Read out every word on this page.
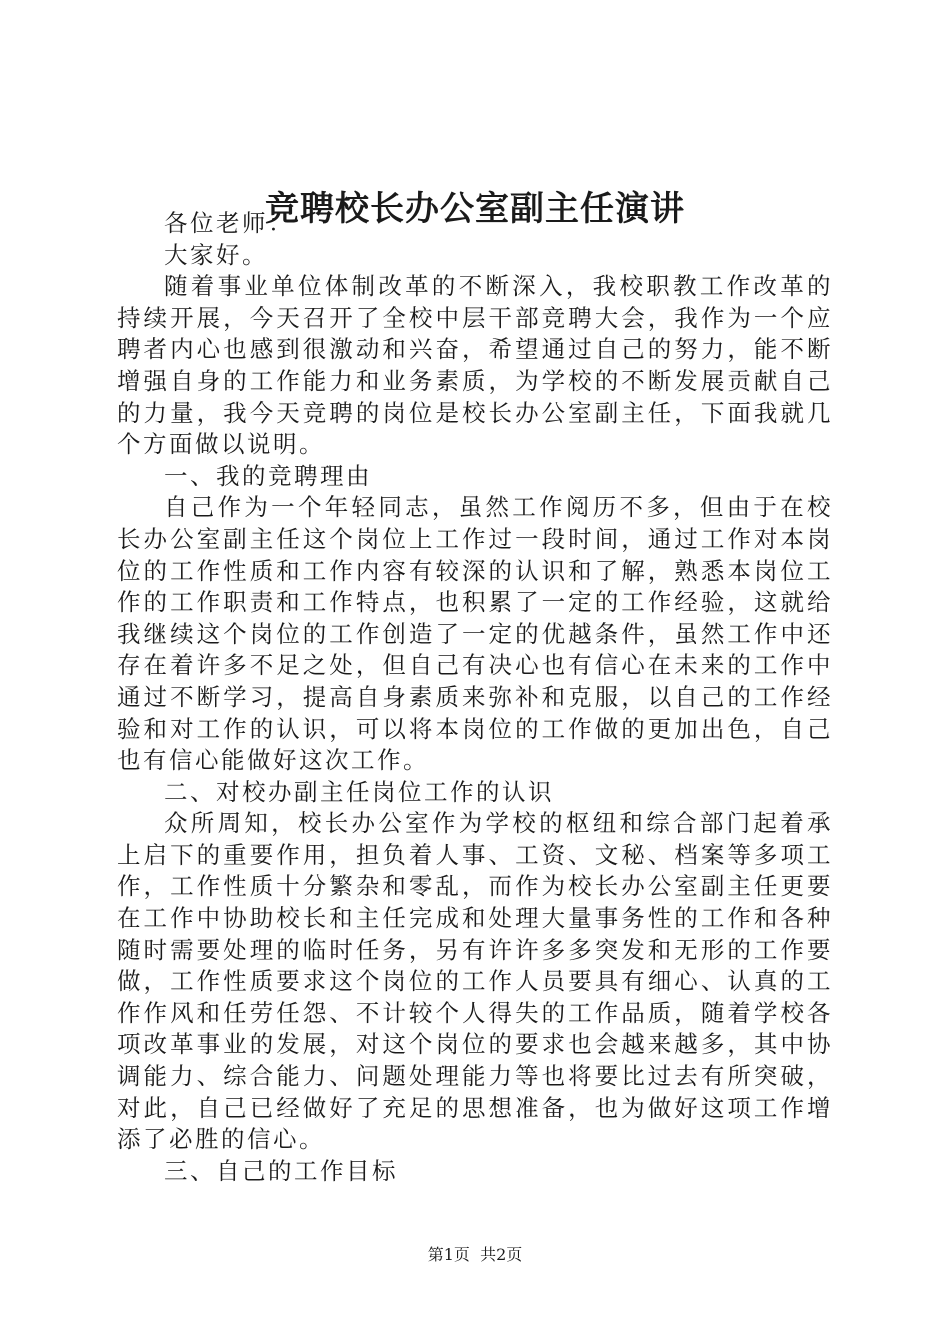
竞聘校长办公室副主任演讲

各位老师：

大家好。

随着事业单位体制改革的不断深入，我校职教工作改革的持续开展，今天召开了全校中层干部竞聘大会，我作为一个应聘者内心也感到很激动和兴奋，希望通过自己的努力，能不断增强自身的工作能力和业务素质，为学校的不断发展贡献自己的力量，我今天竞聘的岗位是校长办公室副主任，下面我就几个方面做以说明。

一、我的竞聘理由

自己作为一个年轻同志，虽然工作阅历不多，但由于在校长办公室副主任这个岗位上工作过一段时间，通过工作对本岗位的工作性质和工作内容有较深的认识和了解，熟悉本岗位工作的工作职责和工作特点，也积累了一定的工作经验，这就给我继续这个岗位的工作创造了一定的优越条件，虽然工作中还存在着许多不足之处，但自己有决心也有信心在未来的工作中通过不断学习，提高自身素质来弥补和克服，以自己的工作经验和对工作的认识，可以将本岗位的工作做的更加出色，自己也有信心能做好这次工作。

二、对校办副主任岗位工作的认识

众所周知，校长办公室作为学校的枢纽和综合部门起着承上启下的重要作用，担负着人事、工资、文秘、档案等多项工作，工作性质十分繁杂和零乱，而作为校长办公室副主任更要在工作中协助校长和主任完成和处理大量事务性的工作和各种随时需要处理的临时任务，另有许许多多突发和无形的工作要做，工作性质要求这个岗位的工作人员要具有细心、认真的工作作风和任劳任怨、不计较个人得失的工作品质，随着学校各项改革事业的发展，对这个岗位的要求也会越来越多，其中协调能力、综合能力、问题处理能力等也将要比过去有所突破，对此，自己已经做好了充足的思想准备，也为做好这项工作增添了必胜的信心。

三、自己的工作目标

第1页  共2页
